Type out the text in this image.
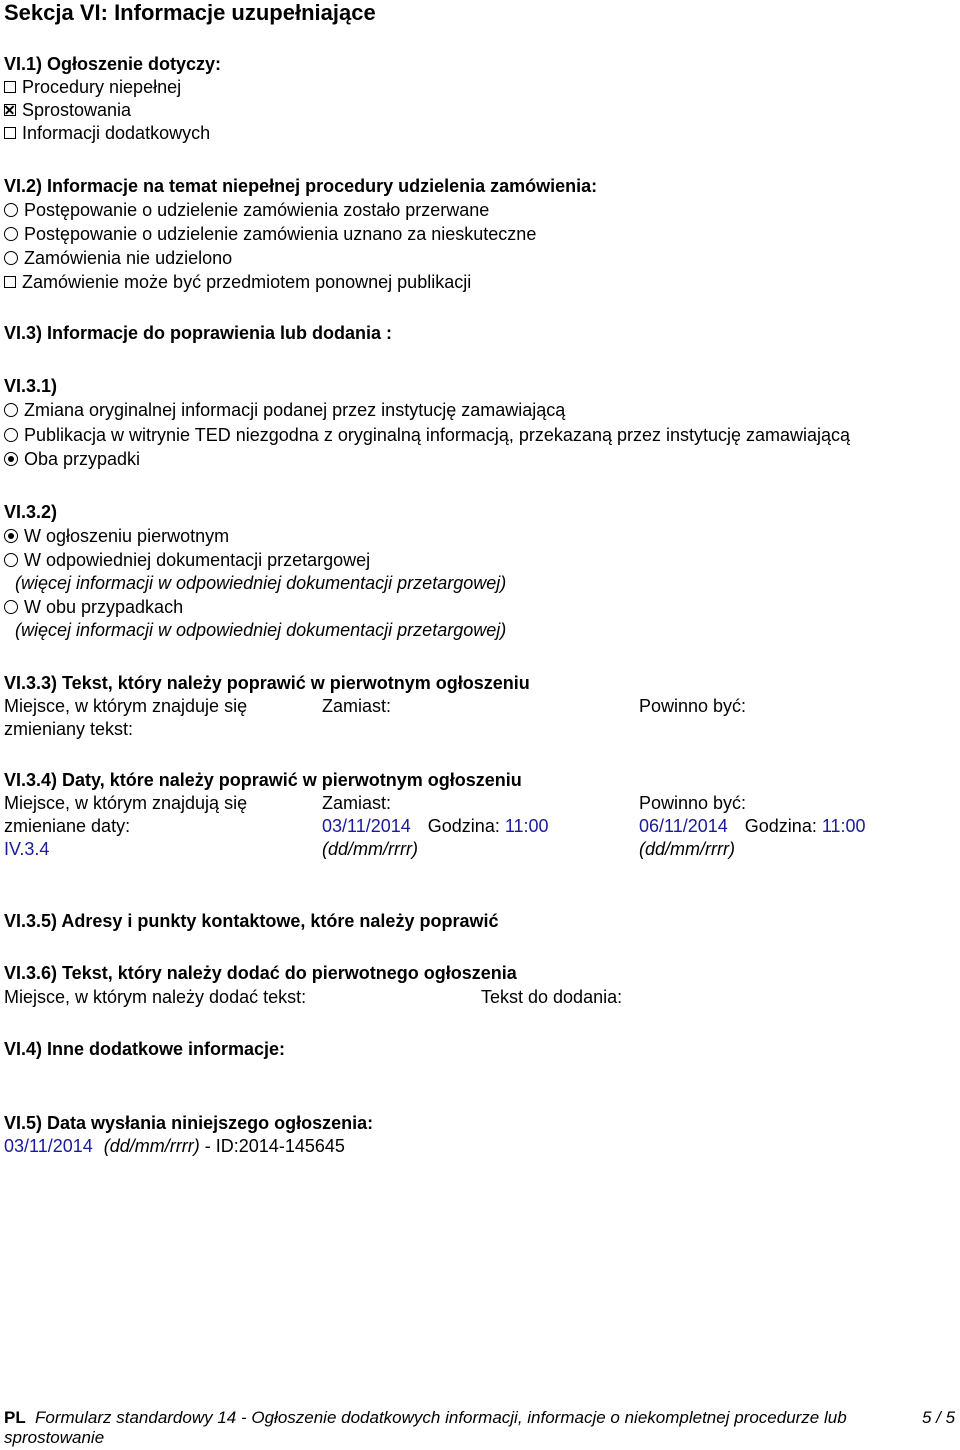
Sekcja VI: Informacje uzupełniające
VI.1) Ogłoszenie dotyczy:
Procedury niepełnej
Sprostowania
Informacji dodatkowych
VI.2) Informacje na temat niepełnej procedury udzielenia zamówienia:
Postępowanie o udzielenie zamówienia zostało przerwane
Postępowanie o udzielenie zamówienia uznano za nieskuteczne
Zamówienia nie udzielono
Zamówienie może być przedmiotem ponownej publikacji
VI.3) Informacje do poprawienia lub dodania :
VI.3.1)
Zmiana oryginalnej informacji podanej przez instytucję zamawiającą
Publikacja w witrynie TED niezgodna z oryginalną informacją, przekazaną przez instytucję zamawiającą
Oba przypadki
VI.3.2)
W ogłoszeniu pierwotnym
W odpowiedniej dokumentacji przetargowej
(więcej informacji w odpowiedniej dokumentacji przetargowej)
W obu przypadkach
(więcej informacji w odpowiedniej dokumentacji przetargowej)
VI.3.3) Tekst, który należy poprawić w pierwotnym ogłoszeniu
Miejsce, w którym znajduje się
zmieniany tekst:
Zamiast:	Powinno być:
VI.3.4) Daty, które należy poprawić w pierwotnym ogłoszeniu
Miejsce, w którym znajdują się
zmieniane daty:
IV.3.4
Zamiast:
03/11/2014 Godzina: 11:00
(dd/mm/rrrr)
Powinno być:
06/11/2014 Godzina: 11:00
(dd/mm/rrrr)
VI.3.5) Adresy i punkty kontaktowe, które należy poprawić
VI.3.6) Tekst, który należy dodać do pierwotnego ogłoszenia
Miejsce, w którym należy dodać tekst:	Tekst do dodania:
VI.4) Inne dodatkowe informacje:
VI.5) Data wysłania niniejszego ogłoszenia:
03/11/2014 (dd/mm/rrrr) - ID:2014-145645
PL Formularz standardowy 14 - Ogłoszenie dodatkowych informacji, informacje o niekompletnej procedurze lub
sprostowanie
5 / 5
